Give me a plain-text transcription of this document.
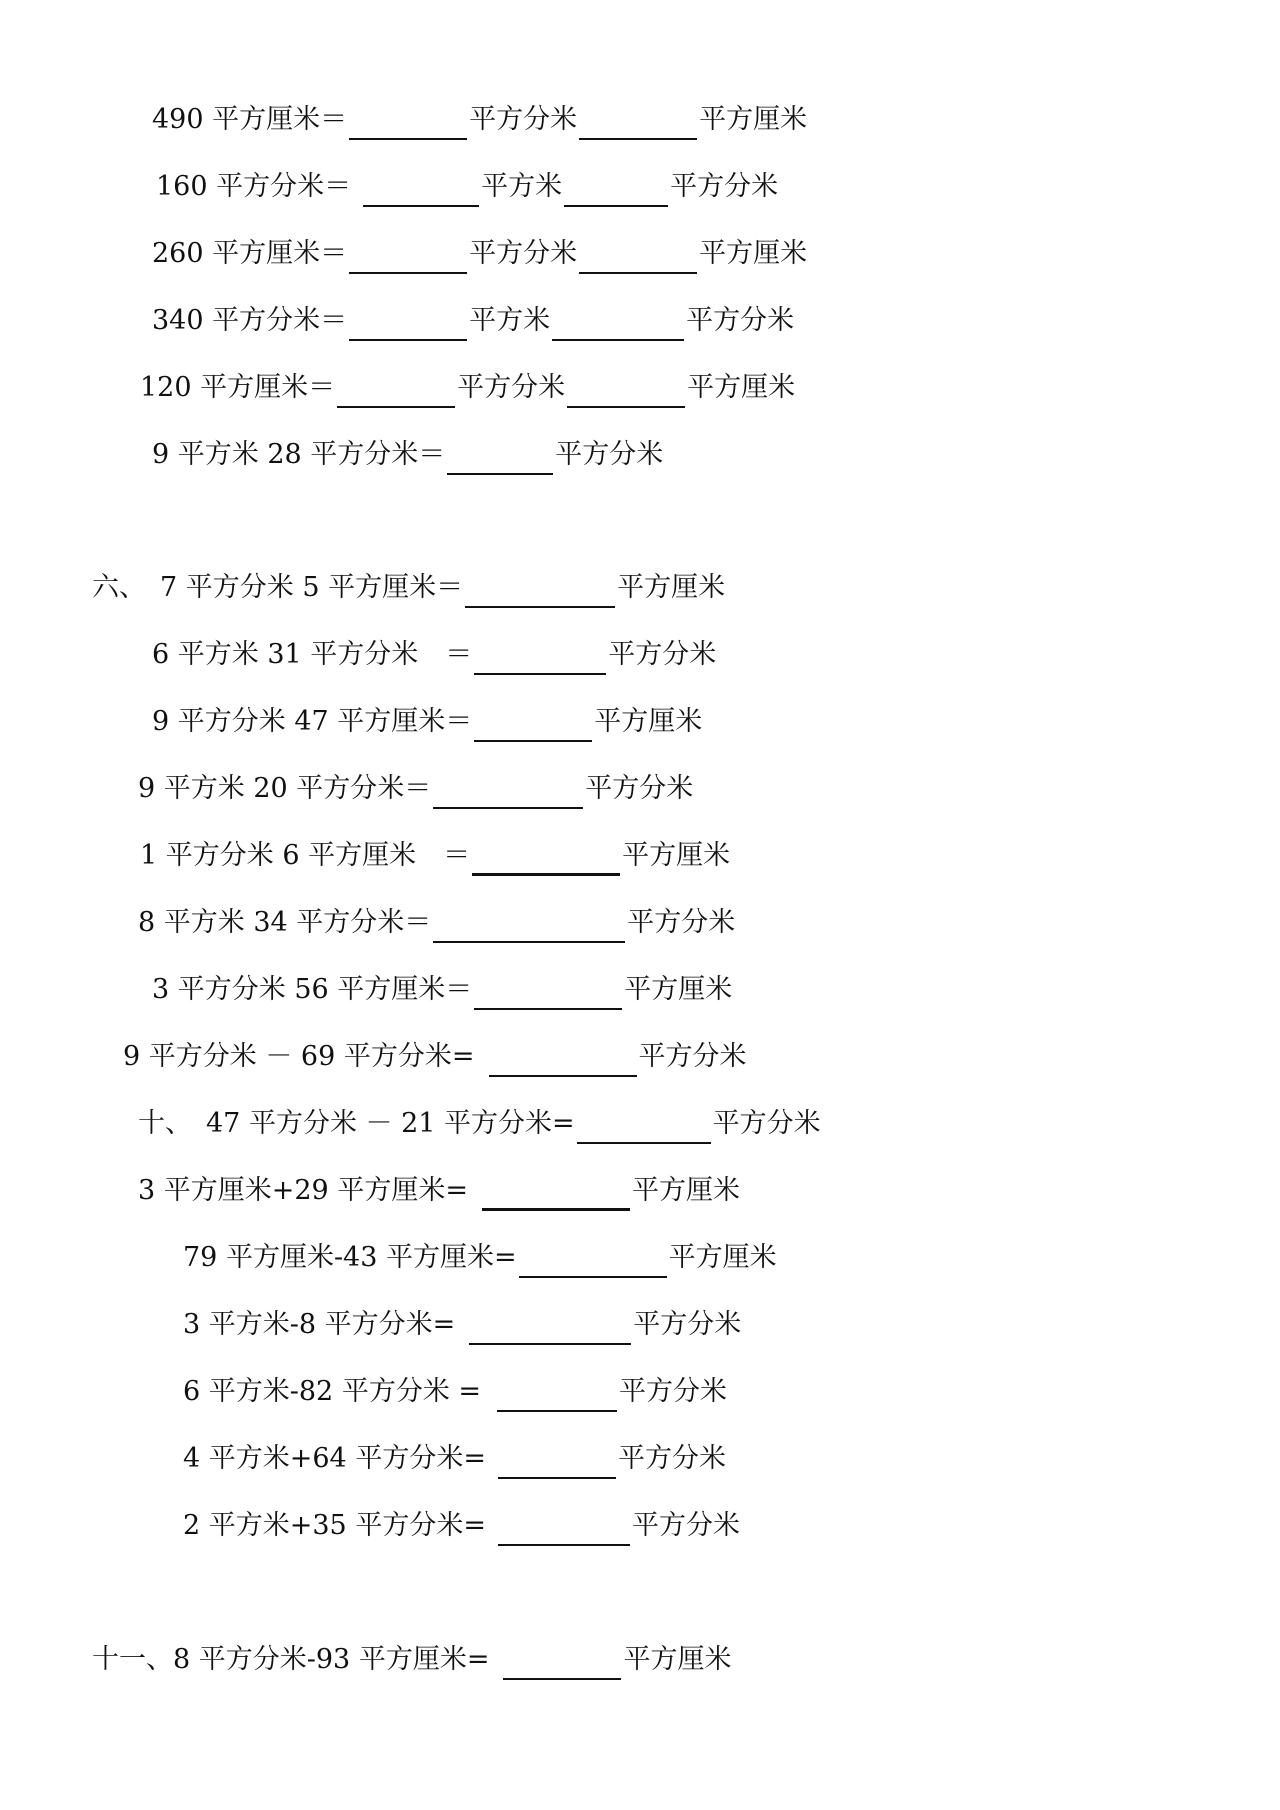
490 平方厘米＝	平方分米	平方厘米
160 平方分米＝	平方米	平方分米
260 平方厘米＝	平方分米	平方厘米
340 平方分米＝	平方米	平方分米
120 平方厘米＝	平方分米	平方厘米
9 平方米 28 平方分米＝	平方分米
六、 7 平方分米 5 平方厘米＝	平方厘米
6 平方米 31 平方分米　＝	平方分米
9 平方分米 47 平方厘米＝	平方厘米
9 平方米 20 平方分米＝	平方分米
1 平方分米 6 平方厘米　＝	平方厘米
8 平方米 34 平方分米＝	平方分米
3 平方分米 56 平方厘米＝	平方厘米
9 平方分米 － 69 平方分米=	平方分米
十、 47 平方分米 － 21 平方分米=	平方分米
3 平方厘米+29 平方厘米=	平方厘米
79 平方厘米-43 平方厘米=	平方厘米
3 平方米-8 平方分米=	平方分米
6 平方米-82 平方分米 =	平方分米
4 平方米+64 平方分米=	平方分米
2 平方米+35 平方分米=	平方分米
十一、8 平方分米-93 平方厘米=	平方厘米
